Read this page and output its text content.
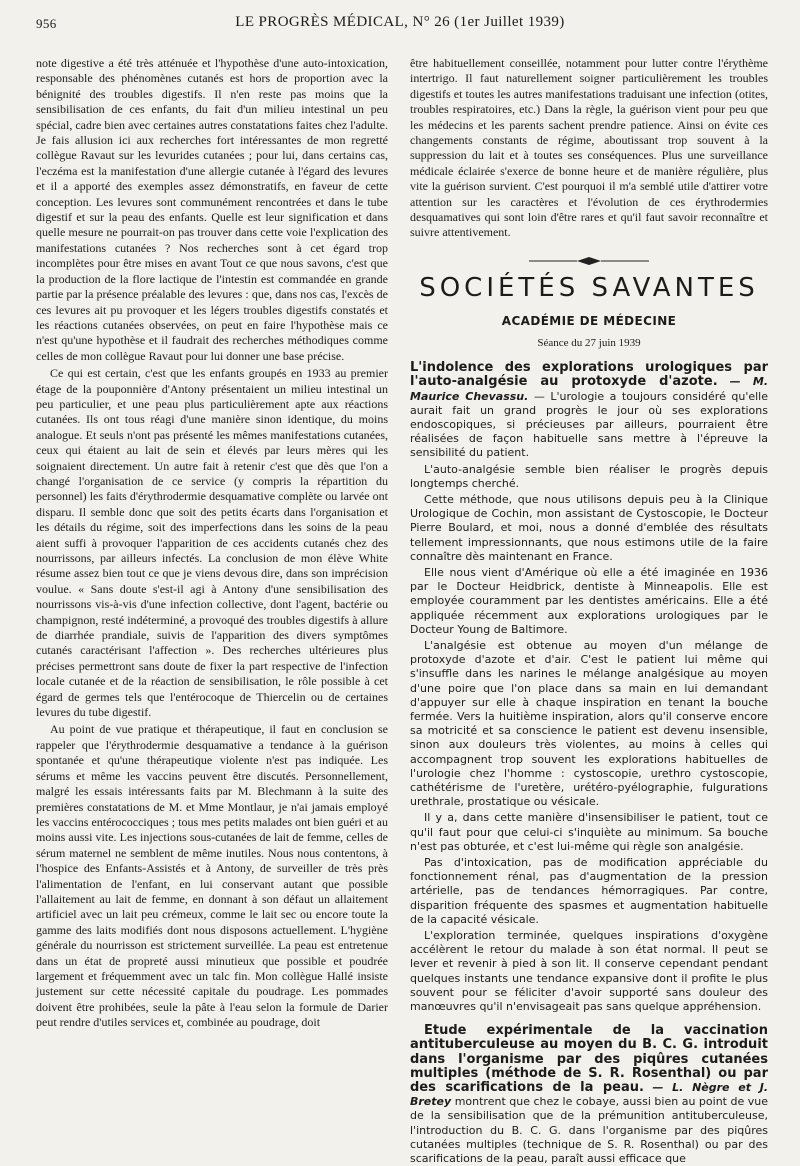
956	LE PROGRÈS MÉDICAL, N° 26 (1er Juillet 1939)

note digestive a été très atténuée et l'hypothèse d'une auto-intoxication, responsable des phénomènes cutanés est hors de proportion avec la bénignité des troubles digestifs. Il n'en reste pas moins que la sensibilisation de ces enfants, du fait d'un milieu intestinal un peu spécial, cadre bien avec certaines autres constatations faites chez l'adulte. Je fais allusion ici aux recherches fort intéressantes de mon regretté collègue Ravaut sur les levurides cutanées ; pour lui, dans certains cas, l'eczéma est la manifestation d'une allergie cutanée à l'égard des levures et il a apporté des exemples assez démonstratifs, en faveur de cette conception. Les levures sont communément rencontrées et dans le tube digestif et sur la peau des enfants. Quelle est leur signification et dans quelle mesure ne pourrait-on pas trouver dans cette voie l'explication des manifestations cutanées ? Nos recherches sont à cet égard trop incomplètes pour être mises en avant Tout ce que nous savons, c'est que la production de la flore lactique de l'intestin est commandée en grande partie par la présence préalable des levures : que, dans nos cas, l'excès de ces levures ait pu provoquer et les légers troubles digestifs constatés et les réactions cutanées observées, on peut en faire l'hypothèse mais ce n'est qu'une hypothèse et il faudrait des recherches méthodiques comme celles de mon collègue Ravaut pour lui donner une base précise.

Ce qui est certain, c'est que les enfants groupés en 1933 au premier étage de la pouponnière d'Antony présentaient un milieu intestinal un peu particulier, et une peau plus particulièrement apte aux réactions cutanées. Ils ont tous réagi d'une manière sinon identique, du moins analogue. Et seuls n'ont pas présenté les mêmes manifestations cutanées, ceux qui étaient au lait de sein et élevés par leurs mères qui les soignaient directement. Un autre fait à retenir c'est que dès que l'on a changé l'organisation de ce service (y compris la répartition du personnel) les faits d'érythrodermie desquamative complète ou larvée ont disparu. Il semble donc que soit des petits écarts dans l'organisation et les détails du régime, soit des imperfections dans les soins de la peau aient suffi à provoquer l'apparition de ces accidents cutanés chez des nourrissons, par ailleurs infectés. La conclusion de mon élève White résume assez bien tout ce que je viens devous dire, dans son imprécision voulue. « Sans doute s'est-il agi à Antony d'une sensibilisation des nourrissons vis-à-vis d'une infection collective, dont l'agent, bactérie ou champignon, resté indéterminé, a provoqué des troubles digestifs à allure de diarrhée prandiale, suivis de l'apparition des divers symptômes cutanés caractérisant l'affection ». Des recherches ultérieures plus précises permettront sans doute de fixer la part respective de l'infection locale cutanée et de la réaction de sensibilisation, le rôle possible à cet égard de germes tels que l'entérocoque de Thiercelin ou de certaines levures du tube digestif.

Au point de vue pratique et thérapeutique, il faut en conclusion se rappeler que l'érythrodermie desquamative a tendance à la guérison spontanée et qu'une thérapeutique violente n'est pas indiquée. Les sérums et même les vaccins peuvent être discutés. Personnellement, malgré les essais intéressants faits par M. Blechmann à la suite des premières constatations de M. et Mme Montlaur, je n'ai jamais employé les vaccins entérococciques ; tous mes petits malades ont bien guéri et au moins aussi vite. Les injections sous-cutanées de lait de femme, celles de sérum maternel ne semblent de même inutiles. Nous nous contentons, à l'hospice des Enfants-Assistés et à Antony, de surveiller de très près l'alimentation de l'enfant, en lui conservant autant que possible l'allaitement au lait de femme, en donnant à son défaut un allaitement artificiel avec un lait peu crémeux, comme le lait sec ou encore toute la gamme des laits modifiés dont nous disposons actuellement. L'hygiène générale du nourrisson est strictement surveillée. La peau est entretenue dans un état de propreté aussi minutieux que possible et poudrée largement et fréquemment avec un talc fin. Mon collègue Hallé insiste justement sur cette nécessité capitale du poudrage. Les pommades doivent être prohibées, seule la pâte à l'eau selon la formule de Darier peut rendre d'utiles services et, combinée au poudrage, doit

être habituellement conseillée, notamment pour lutter contre l'érythème intertrigo. Il faut naturellement soigner particulièrement les troubles digestifs et toutes les autres manifestations traduisant une infection (otites, troubles respiratoires, etc.) Dans la règle, la guérison vient pour peu que les médecins et les parents sachent prendre patience. Ainsi on évite ces changements constants de régime, aboutissant trop souvent à la suppression du lait et à toutes ses conséquences. Plus une surveillance médicale éclairée s'exerce de bonne heure et de manière régulière, plus vite la guérison survient. C'est pourquoi il m'a semblé utile d'attirer votre attention sur les caractères et l'évolution de ces érythrodermies desquamatives qui sont loin d'être rares et qu'il faut savoir reconnaître et suivre attentivement.

SOCIÉTÉS SAVANTES
ACADÉMIE DE MÉDECINE
Séance du 27 juin 1939

L'indolence des explorations urologiques par l'auto-analgésie au protoxyde d'azote. — M. Maurice Chevassu. — L'urologie a toujours considéré qu'elle aurait fait un grand progrès le jour où ses explorations endoscopiques, si précieuses par ailleurs, pourraient être réalisées de façon habituelle sans mettre à l'épreuve la sensibilité du patient.

L'auto-analgésie semble bien réaliser le progrès depuis longtemps cherché.

Cette méthode, que nous utilisons depuis peu à la Clinique Urologique de Cochin, mon assistant de Cystoscopie, le Docteur Pierre Boulard, et moi, nous a donné d'emblée des résultats tellement impressionnants, que nous estimons utile de la faire connaître dès maintenant en France.

Elle nous vient d'Amérique où elle a été imaginée en 1936 par le Docteur Heidbrick, dentiste à Minneapolis. Elle est employée couramment par les dentistes américains. Elle a été appliquée récemment aux explorations urologiques par le Docteur Young de Baltimore.

L'analgésie est obtenue au moyen d'un mélange de protoxyde d'azote et d'air. C'est le patient lui même qui s'insuffle dans les narines le mélange analgésique au moyen d'une poire que l'on place dans sa main en lui demandant d'appuyer sur elle à chaque inspiration en tenant la bouche fermée. Vers la huitième inspiration, alors qu'il conserve encore sa motricité et sa conscience le patient est devenu insensible, sinon aux douleurs très violentes, au moins à celles qui accompagnent trop souvent les explorations habituelles de l'urologie chez l'homme : cystoscopie, urethro cystoscopie, cathétérisme de l'uretère, urétéro-pyélographie, fulgurations urethrale, prostatique ou vésicale.

Il y a, dans cette manière d'insensibiliser le patient, tout ce qu'il faut pour que celui-ci s'inquiète au minimum. Sa bouche n'est pas obturée, et c'est lui-même qui règle son analgésie.

Pas d'intoxication, pas de modification appréciable du fonctionnement rénal, pas d'augmentation de la pression artérielle, pas de tendances hémorragiques. Par contre, disparition fréquente des spasmes et augmentation habituelle de la capacité vésicale.

L'exploration terminée, quelques inspirations d'oxygène accélèrent le retour du malade à son état normal. Il peut se lever et revenir à pied à son lit. Il conserve cependant pendant quelques instants une tendance expansive dont il profite le plus souvent pour se féliciter d'avoir supporté sans douleur des manœuvres qu'il n'envisageait pas sans quelque appréhension.

Etude expérimentale de la vaccination antituberculeuse au moyen du B. C. G. introduit dans l'organisme par des piqûres cutanées multiples (méthode de S. R. Rosenthal) ou par des scarifications de la peau. — L. Nègre et J. Bretey montrent que chez le cobaye, aussi bien au point de vue de la sensibilisation que de la prémunition antituberculeuse, l'introduction du B. C. G. dans l'organisme par des piqûres cutanées multiples (technique de S. R. Rosenthal) ou par des scarifications de la peau, paraît aussi efficace que
